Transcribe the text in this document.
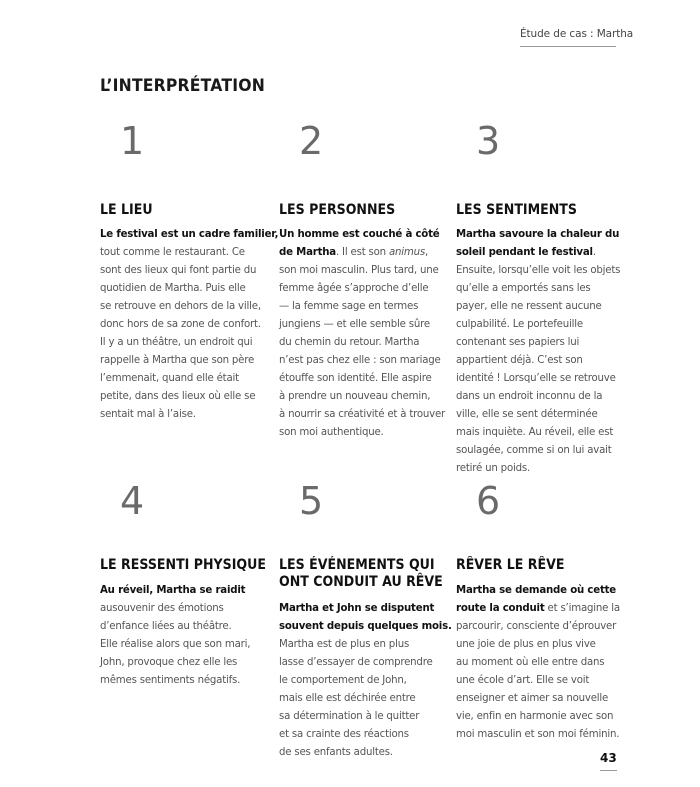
Étude de cas : Martha
L’INTERPRÉTATION
1
LE LIEU
Le festival est un cadre familier,
tout comme le restaurant. Ce
sont des lieux qui font partie du
quotidien de Martha. Puis elle
se retrouve en dehors de la ville,
donc hors de sa zone de confort.
Il y a un théâtre, un endroit qui
rappelle à Martha que son père
l’emmenait, quand elle était
petite, dans des lieux où elle se
sentait mal à l’aise.
2
LES PERSONNES
Un homme est couché à côté
de Martha. Il est son animus,
son moi masculin. Plus tard, une
femme âgée s’approche d’elle
— la femme sage en termes
jungiens — et elle semble sûre
du chemin du retour. Martha
n’est pas chez elle : son mariage
étouffe son identité. Elle aspire
à prendre un nouveau chemin,
à nourrir sa créativité et à trouver
son moi authentique.
3
LES SENTIMENTS
Martha savoure la chaleur du
soleil pendant le festival.
Ensuite, lorsqu’elle voit les objets
qu’elle a emportés sans les
payer, elle ne ressent aucune
culpabilité. Le portefeuille
contenant ses papiers lui
appartient déjà. C’est son
identité ! Lorsqu’elle se retrouve
dans un endroit inconnu de la
ville, elle se sent déterminée
mais inquiète. Au réveil, elle est
soulagée, comme si on lui avait
retiré un poids.
4
LE RESSENTI PHYSIQUE
Au réveil, Martha se raidit
ausouvenir des émotions
d’enfance liées au théâtre.
Elle réalise alors que son mari,
John, provoque chez elle les
mêmes sentiments négatifs.
5
LES ÉVÉNEMENTS QUI
ONT CONDUIT AU RÊVE
Martha et John se disputent
souvent depuis quelques mois.
Martha est de plus en plus
lasse d’essayer de comprendre
le comportement de John,
mais elle est déchirée entre
sa détermination à le quitter
et sa crainte des réactions
de ses enfants adultes.
6
RÊVER LE RÊVE
Martha se demande où cette
route la conduit et s’imagine la
parcourir, consciente d’éprouver
une joie de plus en plus vive
au moment où elle entre dans
une école d’art. Elle se voit
enseigner et aimer sa nouvelle
vie, enfin en harmonie avec son
moi masculin et son moi féminin.
43
